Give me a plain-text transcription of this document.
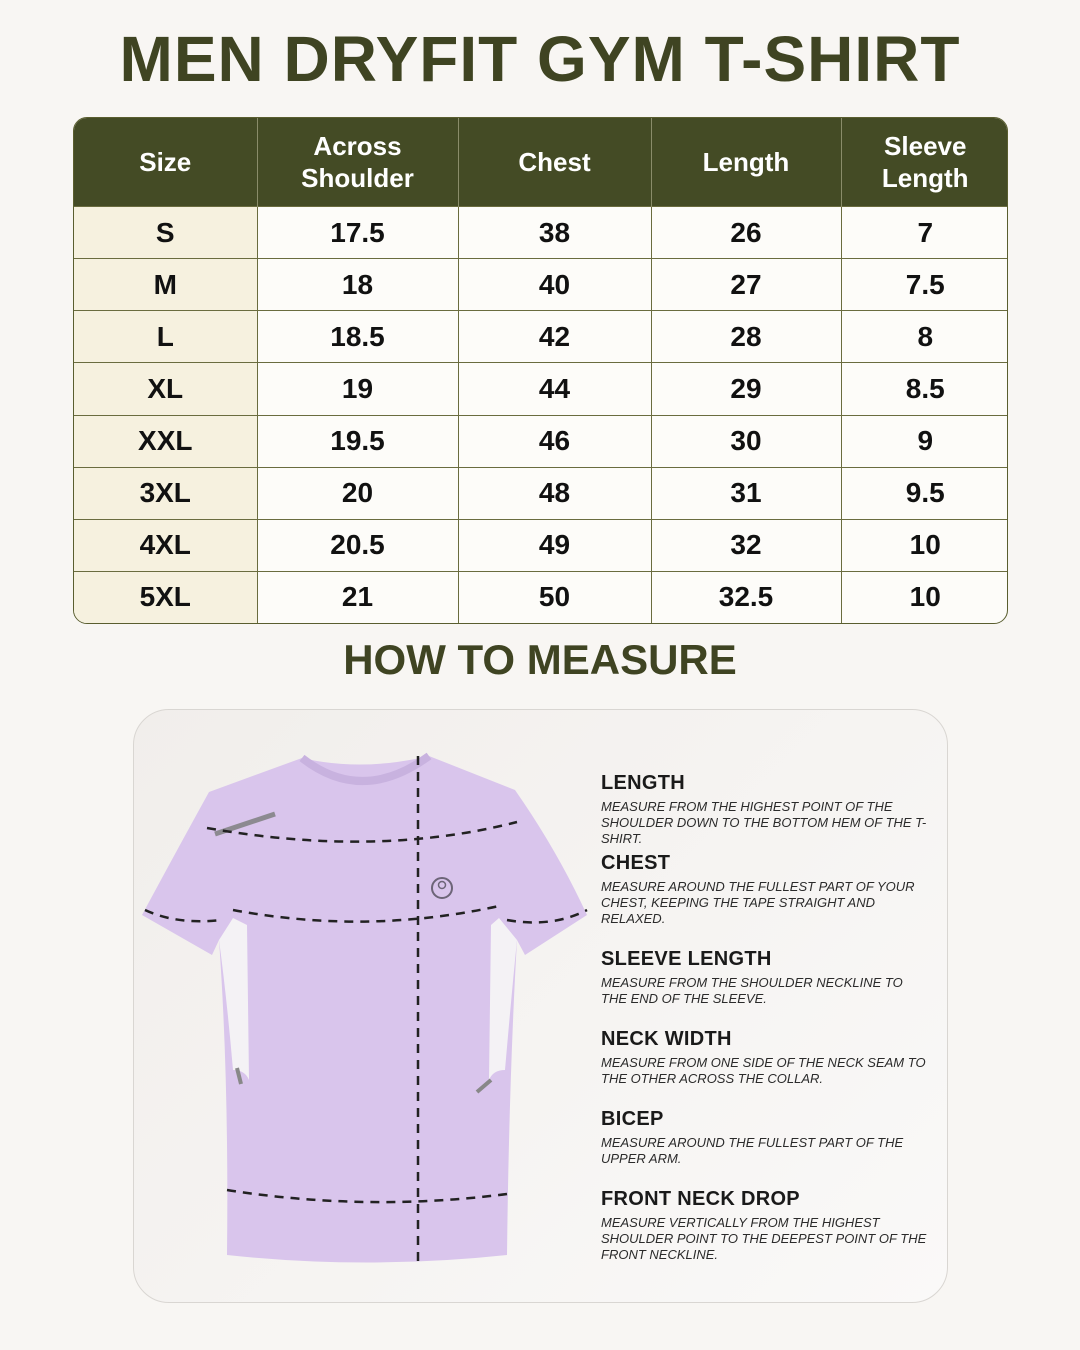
MEN DRYFIT GYM T-SHIRT
Size	Across Shoulder	Chest	Length	Sleeve Length
S	17.5	38	26	7
M	18	40	27	7.5
L	18.5	42	28	8
XL	19	44	29	8.5
XXL	19.5	46	30	9
3XL	20	48	31	9.5
4XL	20.5	49	32	10
5XL	21	50	32.5	10
HOW TO MEASURE
LENGTH

MEASURE FROM THE HIGHEST POINT OF THE SHOULDER DOWN TO THE BOTTOM HEM OF THE T-SHIRT.

CHEST

MEASURE AROUND THE FULLEST PART OF YOUR CHEST, KEEPING THE TAPE STRAIGHT AND RELAXED.

SLEEVE LENGTH

MEASURE FROM THE SHOULDER NECKLINE TO THE END OF THE SLEEVE.

NECK WIDTH

MEASURE FROM ONE SIDE OF THE NECK SEAM TO THE OTHER ACROSS THE COLLAR.

BICEP

MEASURE AROUND THE FULLEST PART OF THE UPPER ARM.

FRONT NECK DROP

MEASURE VERTICALLY FROM THE HIGHEST SHOULDER POINT TO THE DEEPEST POINT OF THE FRONT NECKLINE.
